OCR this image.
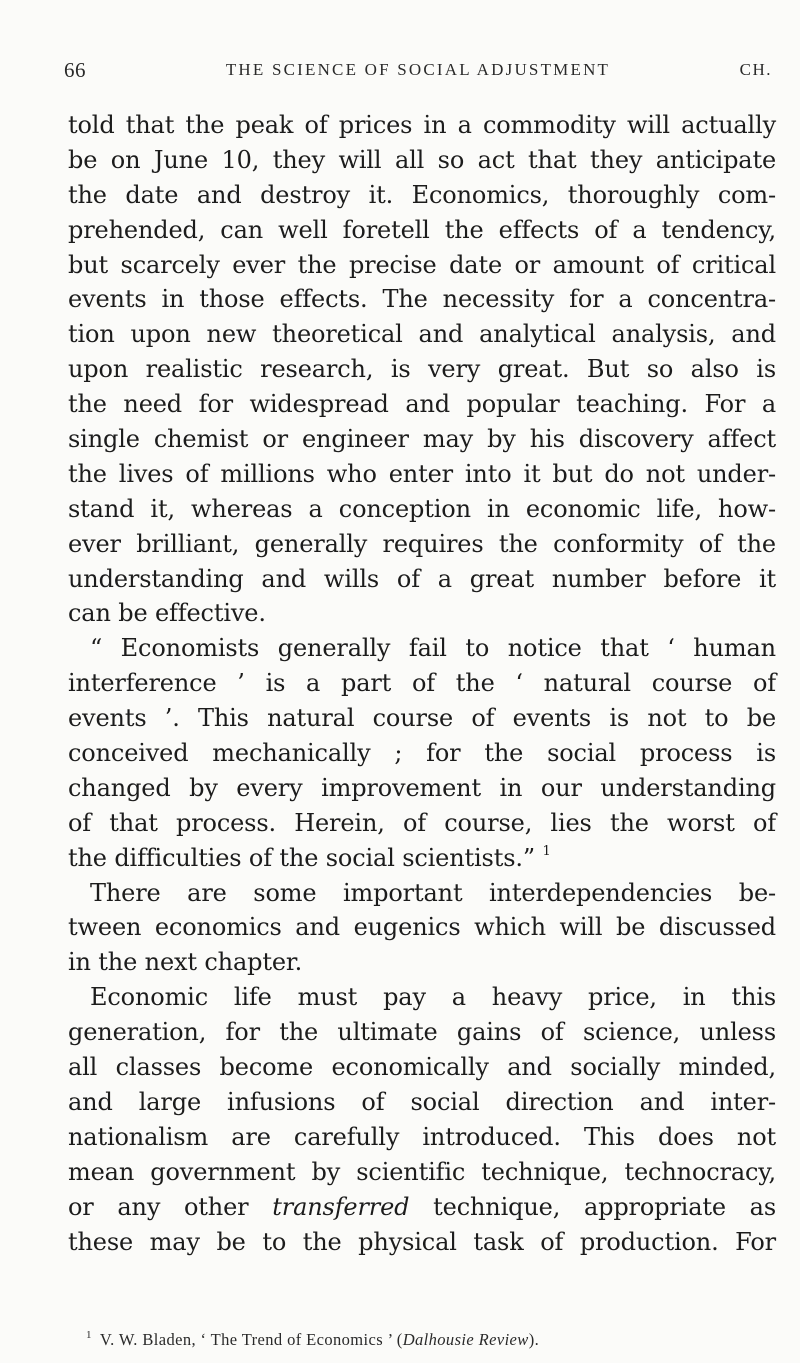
66	THE SCIENCE OF SOCIAL ADJUSTMENT	CH.
told that the peak of prices in a commodity will actually
be on June 10, they will all so act that they anticipate
the date and destroy it. Economics, thoroughly com-
prehended, can well foretell the effects of a tendency,
but scarcely ever the precise date or amount of critical
events in those effects. The necessity for a concentra-
tion upon new theoretical and analytical analysis, and
upon realistic research, is very great. But so also is
the need for widespread and popular teaching. For a
single chemist or engineer may by his discovery affect
the lives of millions who enter into it but do not under-
stand it, whereas a conception in economic life, how-
ever brilliant, generally requires the conformity of the
understanding and wills of a great number before it
can be effective.
“ Economists generally fail to notice that ‘ human
interference ’ is a part of the ‘ natural course of
events ’. This natural course of events is not to be
conceived mechanically ; for the social process is
changed by every improvement in our understanding
of that process. Herein, of course, lies the worst of
the difficulties of the social scientists.” $^1$
There are some important interdependencies be-
tween economics and eugenics which will be discussed
in the next chapter.
Economic life must pay a heavy price, in this
generation, for the ultimate gains of science, unless
all classes become economically and socially minded,
and large infusions of social direction and inter-
nationalism are carefully introduced. This does not
mean government by scientific technique, technocracy,
or any other transferred technique, appropriate as
these may be to the physical task of production. For
$^1$ V. W. Bladen, ‘ The Trend of Economics ’ (Dalhousie Review).
